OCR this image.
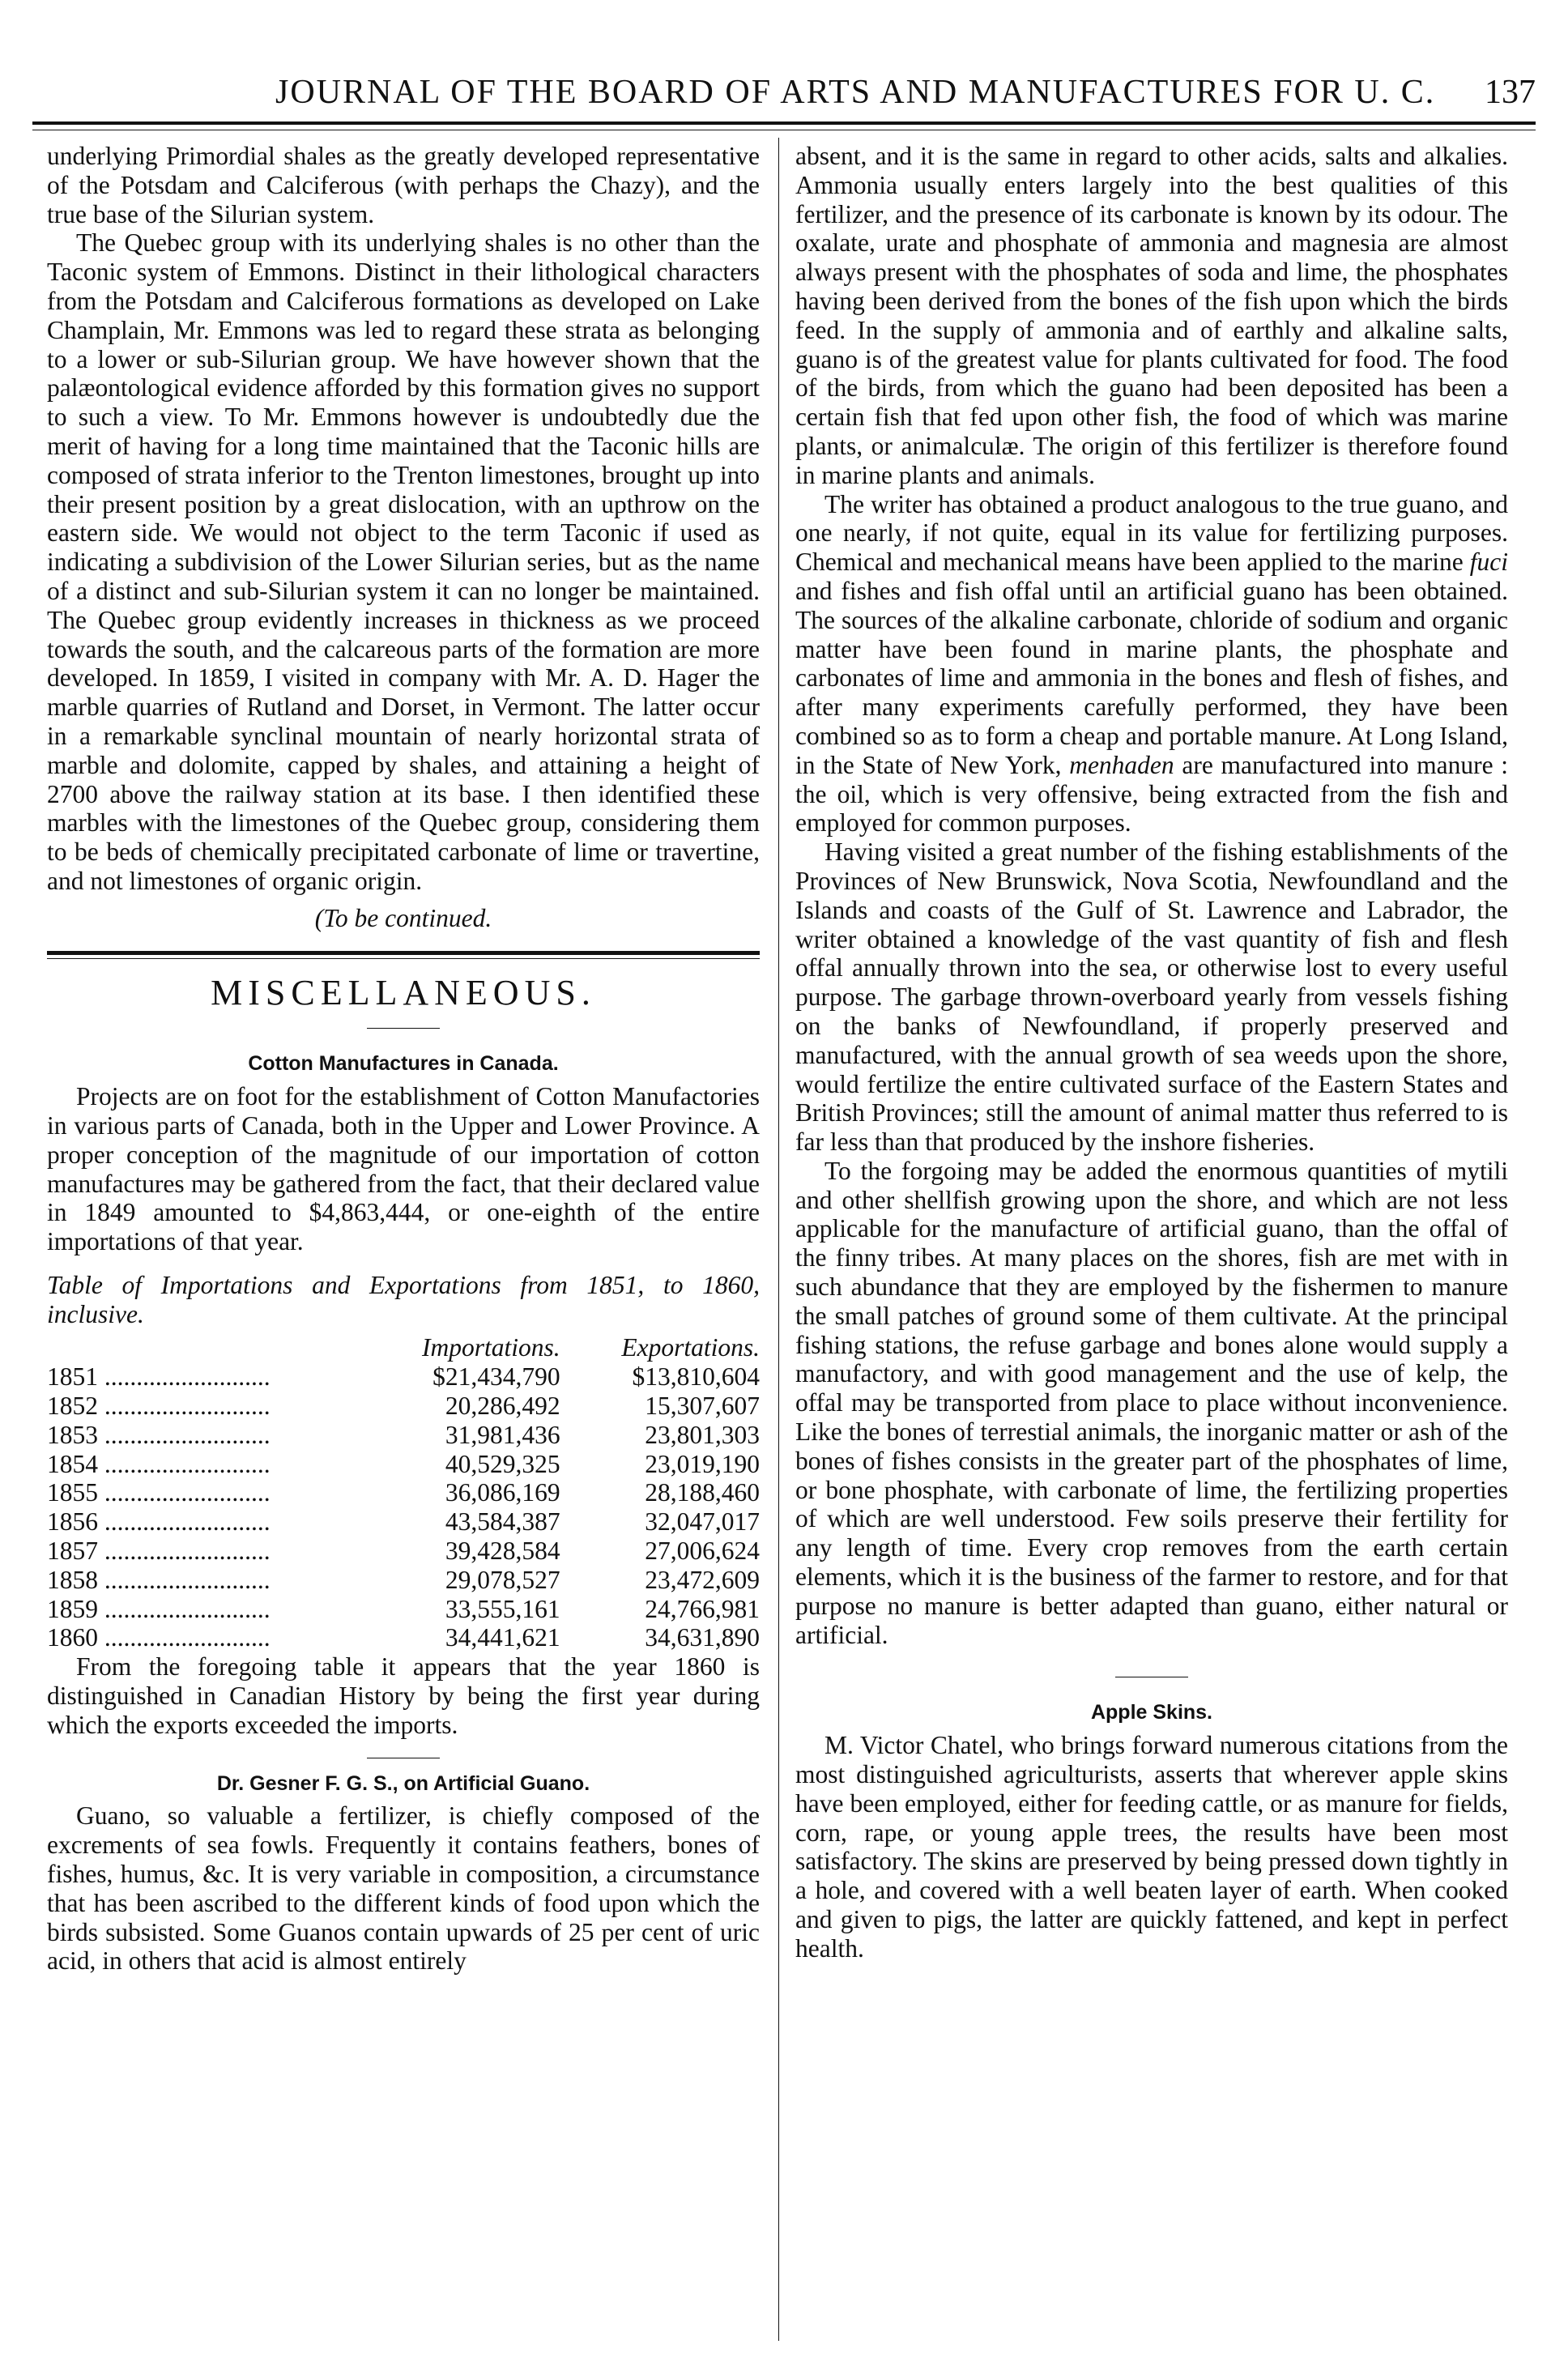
JOURNAL OF THE BOARD OF ARTS AND MANUFACTURES FOR U. C. 137

underlying Primordial shales as the greatly developed representative of the Potsdam and Calciferous (with perhaps the Chazy), and the true base of the Silurian system.

The Quebec group with its underlying shales is no other than the Taconic system of Emmons. Distinct in their lithological characters from the Potsdam and Calciferous formations as developed on Lake Champlain, Mr. Emmons was led to regard these strata as belonging to a lower or sub-Silurian group. We have however shown that the palæontological evidence afforded by this formation gives no support to such a view. To Mr. Emmons however is undoubtedly due the merit of having for a long time maintained that the Taconic hills are composed of strata inferior to the Trenton limestones, brought up into their present position by a great dislocation, with an upthrow on the eastern side. We would not object to the term Taconic if used as indicating a subdivision of the Lower Silurian series, but as the name of a distinct and sub-Silurian system it can no longer be maintained. The Quebec group evidently increases in thickness as we proceed towards the south, and the calcareous parts of the formation are more developed. In 1859, I visited in company with Mr. A. D. Hager the marble quarries of Rutland and Dorset, in Vermont. The latter occur in a remarkable synclinal mountain of nearly horizontal strata of marble and dolomite, capped by shales, and attaining a height of 2700 above the railway station at its base. I then identified these marbles with the limestones of the Quebec group, considering them to be beds of chemically precipitated carbonate of lime or travertine, and not limestones of organic origin.

(To be continued.

MISCELLANEOUS.
Cotton Manufactures in Canada.

Projects are on foot for the establishment of Cotton Manufactories in various parts of Canada, both in the Upper and Lower Province. A proper conception of the magnitude of our importation of cotton manufactures may be gathered from the fact, that their declared value in 1849 amounted to $4,863,444, or one-eighth of the entire importations of that year.

Table of Importations and Exportations from 1851, to 1860, inclusive.

	Importations.	Exportations.
1851 ..........................	$21,434,790	$13,810,604
1852 ..........................	20,286,492	15,307,607
1853 ..........................	31,981,436	23,801,303
1854 ..........................	40,529,325	23,019,190
1855 ..........................	36,086,169	28,188,460
1856 ..........................	43,584,387	32,047,017
1857 ..........................	39,428,584	27,006,624
1858 ..........................	29,078,527	23,472,609
1859 ..........................	33,555,161	24,766,981
1860 ..........................	34,441,621	34,631,890

From the foregoing table it appears that the year 1860 is distinguished in Canadian History by being the first year during which the exports exceeded the imports.

Dr. Gesner F. G. S., on Artificial Guano.

Guano, so valuable a fertilizer, is chiefly composed of the excrements of sea fowls. Frequently it contains feathers, bones of fishes, humus, &c. It is very variable in composition, a circumstance that has been ascribed to the different kinds of food upon which the birds subsisted. Some Guanos contain upwards of 25 per cent of uric acid, in others that acid is almost entirely

absent, and it is the same in regard to other acids, salts and alkalies. Ammonia usually enters largely into the best qualities of this fertilizer, and the presence of its carbonate is known by its odour. The oxalate, urate and phosphate of ammonia and magnesia are almost always present with the phosphates of soda and lime, the phosphates having been derived from the bones of the fish upon which the birds feed. In the supply of ammonia and of earthly and alkaline salts, guano is of the greatest value for plants cultivated for food. The food of the birds, from which the guano had been deposited has been a certain fish that fed upon other fish, the food of which was marine plants, or animalculæ. The origin of this fertilizer is therefore found in marine plants and animals.

The writer has obtained a product analogous to the true guano, and one nearly, if not quite, equal in its value for fertilizing purposes. Chemical and mechanical means have been applied to the marine fuci and fishes and fish offal until an artificial guano has been obtained. The sources of the alkaline carbonate, chloride of sodium and organic matter have been found in marine plants, the phosphate and carbonates of lime and ammonia in the bones and flesh of fishes, and after many experiments carefully performed, they have been combined so as to form a cheap and portable manure. At Long Island, in the State of New York, menhaden are manufactured into manure : the oil, which is very offensive, being extracted from the fish and employed for common purposes.

Having visited a great number of the fishing establishments of the Provinces of New Brunswick, Nova Scotia, Newfoundland and the Islands and coasts of the Gulf of St. Lawrence and Labrador, the writer obtained a knowledge of the vast quantity of fish and flesh offal annually thrown into the sea, or otherwise lost to every useful purpose. The garbage thrown-overboard yearly from vessels fishing on the banks of Newfoundland, if properly preserved and manufactured, with the annual growth of sea weeds upon the shore, would fertilize the entire cultivated surface of the Eastern States and British Provinces; still the amount of animal matter thus referred to is far less than that produced by the inshore fisheries.

To the forgoing may be added the enormous quantities of mytili and other shellfish growing upon the shore, and which are not less applicable for the manufacture of artificial guano, than the offal of the finny tribes. At many places on the shores, fish are met with in such abundance that they are employed by the fishermen to manure the small patches of ground some of them cultivate. At the principal fishing stations, the refuse garbage and bones alone would supply a manufactory, and with good management and the use of kelp, the offal may be transported from place to place without inconvenience. Like the bones of terrestial animals, the inorganic matter or ash of the bones of fishes consists in the greater part of the phosphates of lime, or bone phosphate, with carbonate of lime, the fertilizing properties of which are well understood. Few soils preserve their fertility for any length of time. Every crop removes from the earth certain elements, which it is the business of the farmer to restore, and for that purpose no manure is better adapted than guano, either natural or artificial.

Apple Skins.

M. Victor Chatel, who brings forward numerous citations from the most distinguished agriculturists, asserts that wherever apple skins have been employed, either for feeding cattle, or as manure for fields, corn, rape, or young apple trees, the results have been most satisfactory. The skins are preserved by being pressed down tightly in a hole, and covered with a well beaten layer of earth. When cooked and given to pigs, the latter are quickly fattened, and kept in perfect health.
